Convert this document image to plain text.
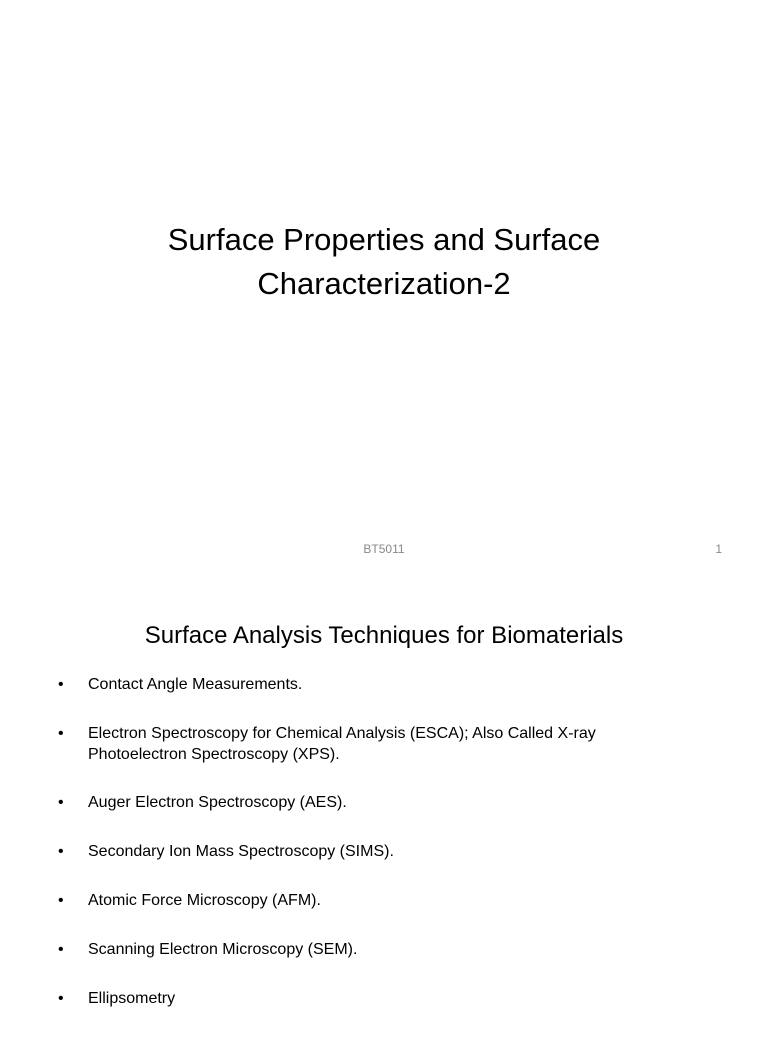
Surface Properties and Surface
Characterization-2
BT5011	1
Surface Analysis Techniques for Biomaterials
• Contact Angle Measurements.
• Electron Spectroscopy for Chemical Analysis (ESCA); Also Called X-ray
Photoelectron Spectroscopy (XPS).
• Auger Electron Spectroscopy (AES).
• Secondary Ion Mass Spectroscopy (SIMS).
• Atomic Force Microscopy (AFM).
• Scanning Electron Microscopy (SEM).
• Ellipsometry
